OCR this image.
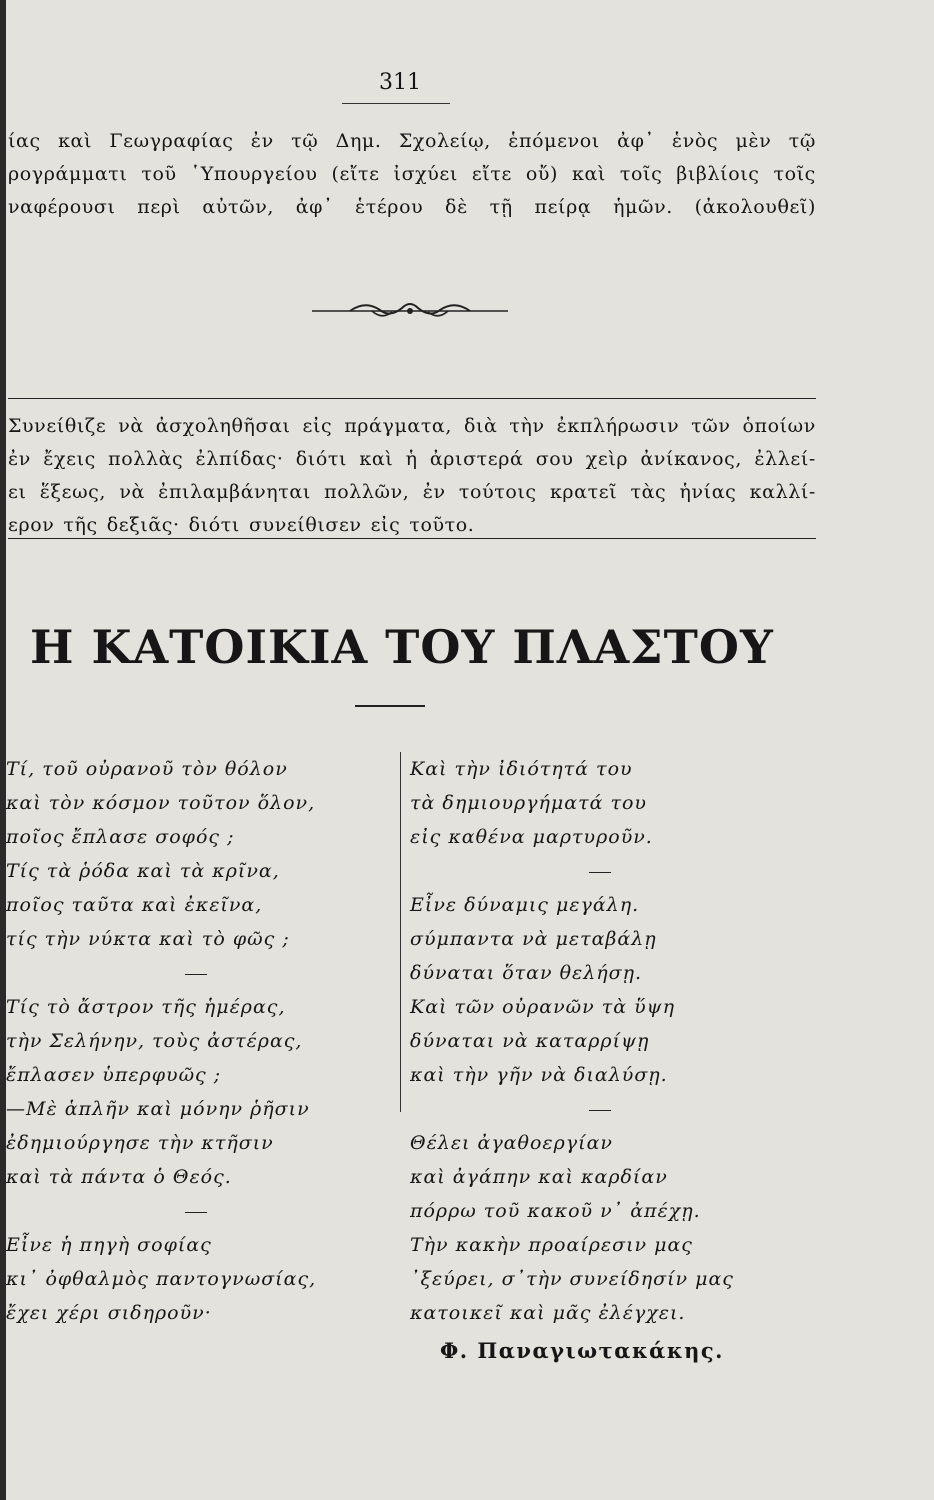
311
ίας καὶ Γεωγραφίας ἐν τῷ Δημ. Σχολείῳ, ἑπόμενοι ἀφ᾽ ἑνὸς μὲν τῷ
ρογράμματι τοῦ ῾Υπουργείου (εἴτε ἰσχύει εἴτε οὔ) καὶ τοῖς βιβλίοις τοῖς
ναφέρουσι περὶ αὐτῶν, ἀφ᾽ ἑτέρου δὲ τῇ πείρᾳ ἡμῶν. (ἀκολουθεῖ)
Συνείθιζε νὰ ἀσχοληθῆσαι εἰς πράγματα, διὰ τὴν ἐκπλήρωσιν τῶν ὁποίων
ἐν ἔχεις πολλὰς ἐλπίδας· διότι καὶ ἡ ἀριστερά σου χεὶρ ἀνίκανος, ἐλλεί-
ει ἕξεως, νὰ ἐπιλαμβάνηται πολλῶν, ἐν τούτοις κρατεῖ τὰς ἡνίας καλλί-
ερον τῆς δεξιᾶς· διότι συνείθισεν εἰς τοῦτο.
Η ΚΑΤΟΙΚΙΑ ΤΟΥ ΠΛΑΣΤΟΥ
Τί, τοῦ οὐρανοῦ τὸν θόλον
καὶ τὸν κόσμον τοῦτον ὅλον,
ποῖος ἔπλασε σοφός ;
Τίς τὰ ῥόδα καὶ τὰ κρῖνα,
ποῖος ταῦτα καὶ ἐκεῖνα,
τίς τὴν νύκτα καὶ τὸ φῶς ;
Τίς τὸ ἄστρον τῆς ἡμέρας,
τὴν Σελήνην, τοὺς ἀστέρας,
ἔπλασεν ὑπερφυῶς ;
—Μὲ ἁπλῆν καὶ μόνην ῥῆσιν
ἐδημιούργησε τὴν κτῆσιν
καὶ τὰ πάντα ὁ Θεός.
Εἶνε ἡ πηγὴ σοφίας
κι᾽ ὀφθαλμὸς παντογνωσίας,
ἔχει χέρι σιδηροῦν·
Καὶ τὴν ἰδιότητά του
τὰ δημιουργήματά του
εἰς καθένα μαρτυροῦν.
Εἶνε δύναμις μεγάλη.
σύμπαντα νὰ μεταβάλῃ
δύναται ὅταν θελήσῃ.
Καὶ τῶν οὐρανῶν τὰ ὕψη
δύναται νὰ καταρρίψῃ
καὶ τὴν γῆν νὰ διαλύσῃ.
Θέλει ἀγαθοεργίαν
καὶ ἀγάπην καὶ καρδίαν
πόρρω τοῦ κακοῦ ν᾽ ἀπέχῃ.
Τὴν κακὴν προαίρεσιν μας
᾽ξεύρει, σ᾽τὴν συνείδησίν μας
κατοικεῖ καὶ μᾶς ἐλέγχει.
Φ. Παναγιωτακάκης.
